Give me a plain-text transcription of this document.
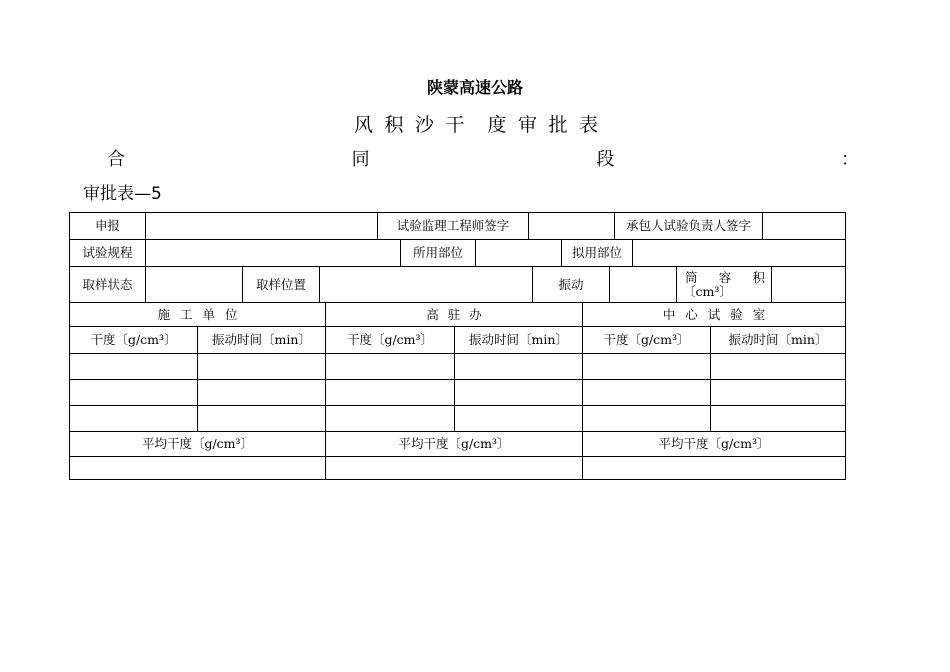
陕蒙高速公路
风 积 沙 干 度 审 批 表
合	同	段	：
审批表—5
申报	试验监理工程师签字	承包人试验负责人签字
试验规程	所用部位	拟用部位
取样状态	取样位置	振动	筒 容 积
〔cm³〕
施工单位	高驻办	中心试验室
干度〔g/cm³〕	振动时间〔min〕	干度〔g/cm³〕	振动时间〔min〕	干度〔g/cm³〕	振动时间〔min〕
平均干度〔g/cm³〕	平均干度〔g/cm³〕	平均干度〔g/cm³〕
